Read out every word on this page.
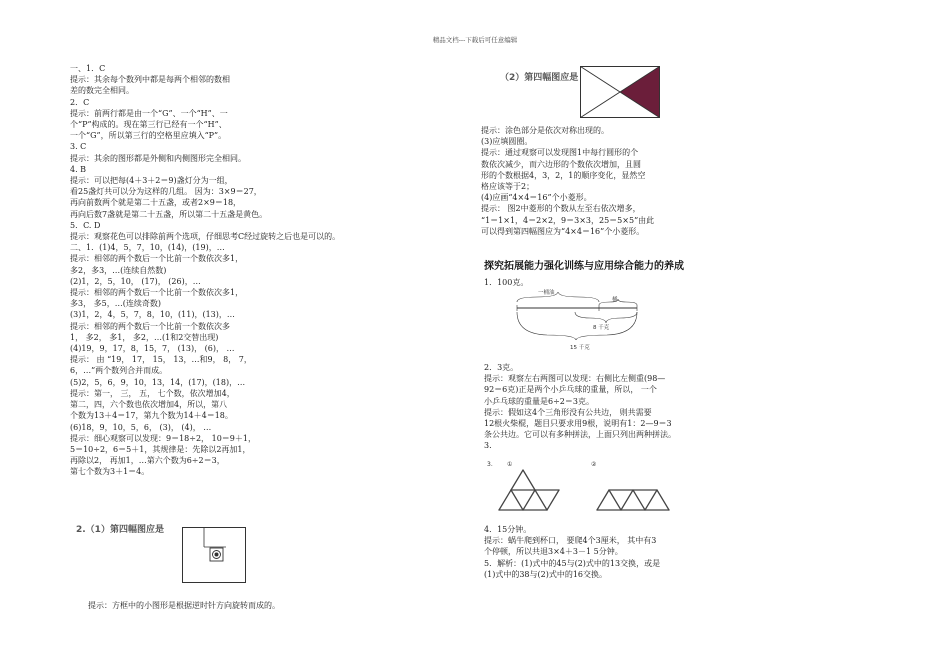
精品文档---下载后可任意编辑
一、1．C
提示：其余每个数列中都是每两个相邻的数相
差的数完全相同。
2．C
提示：前两行都是由一个“G”、一个“H”、一
个“P”构成的。现在第三行已经有一个“H”、
一个“G”，所以第三行的空格里应填入“P”。
3. C
提示：其余的图形都是外侧和内侧图形完全相同。
4. B
提示：可以把每(4＋3＋2＝9)盏灯分为一组，
看25盏灯共可以分为这样的几组。 因为：3×9＝27，
再向前数两个就是第二十五盏，或者2×9＝18，
再向后数7盏就是第二十五盏，所以第二十五盏是黄色。
5．C. D
提示：观察花色可以排除前两个选项，仔细思考C经过旋转之后也是可以的。
二、1．(1)4，5，7，10，(14)，(19)，…
提示：相邻的两个数后一个比前一个数依次多1，
多2，多3，…(连续自然数)
(2)1，2，5，10， (17)， (26)，…
提示：相邻的两个数后一个比前一个数依次多1，
多3， 多5，…(连续奇数)
(3)1，2，4，5，7，8，10，(11)，(13)，…
提示：相邻的两个数后一个比前一个数依次多
1， 多2， 多1， 多2，…(1和2交替出现)
(4)19，9，17，8，15，7， (13)， (6)， …
提示： 由 “19， 17， 15， 13，…和9， 8， 7，
6，…”两个数列合并而成。
(5)2，5，6，9，10，13，14，(17)，(18)，…
提示：第一， 三， 五， 七个数，依次增加4，
第二，四，六个数也依次增加4，所以，第八
个数为13＋4＝17，第九个数为14＋4＝18。
(6)18，9，10，5，6， (3)， (4)， …
提示：细心观察可以发现：9＝18÷2， 10＝9＋1，
5＝10÷2，6＝5＋1，其规律是：先除以2再加1，
再除以2， 再加1，…第六个数为6÷2＝3，
第七个数为3＋1＝4。
2.（1）第四幅图应是
提示：方框中的小图形是根据逆时针方向旋转而成的。
（2）第四幅图应是
提示：涂色部分是依次对称出现的。
(3)应填圆圈。
提示：通过观察可以发现图1中每行圆形的个
数依次减少，而六边形的个数依次增加，且圆
形的个数根据4，3，2，1的顺序变化，显然空
格应该等于2；
(4)应画“4×4＝16”个小菱形。
提示： 图2中菱形的个数从左至右依次增多，
“1＝1×1，4＝2×2，9＝3×3，25＝5×5”由此
可以得到第四幅图应为“4×4＝16”个小菱形。
探究拓展能力强化训练与应用综合能力的养成
1．100克。
一桶油
桶
8 千克
15 千克
2．3克。
提示：观察左右两图可以发现：右侧比左侧重(98—
92＝6克)正是两个小乒乓球的重量，所以， 一个
小乒乓球的重量是6÷2＝3克。
提示：假如这4个三角形没有公共边， 则共需要
12根火柴棍，题目只要求用9根，说明有1：2—9＝3
条公共边。它可以有多种拼法，上面只列出两种拼法。
3.
3. ①	②
4．15分钟。
提示：蜗牛爬到杯口， 要爬4个3厘米， 其中有3
个停顿，所以共退3×4＋3－1 5分钟。
5．解析：(1)式中的45与(2)式中的13交换，或是
(1)式中的38与(2)式中的16交换。
